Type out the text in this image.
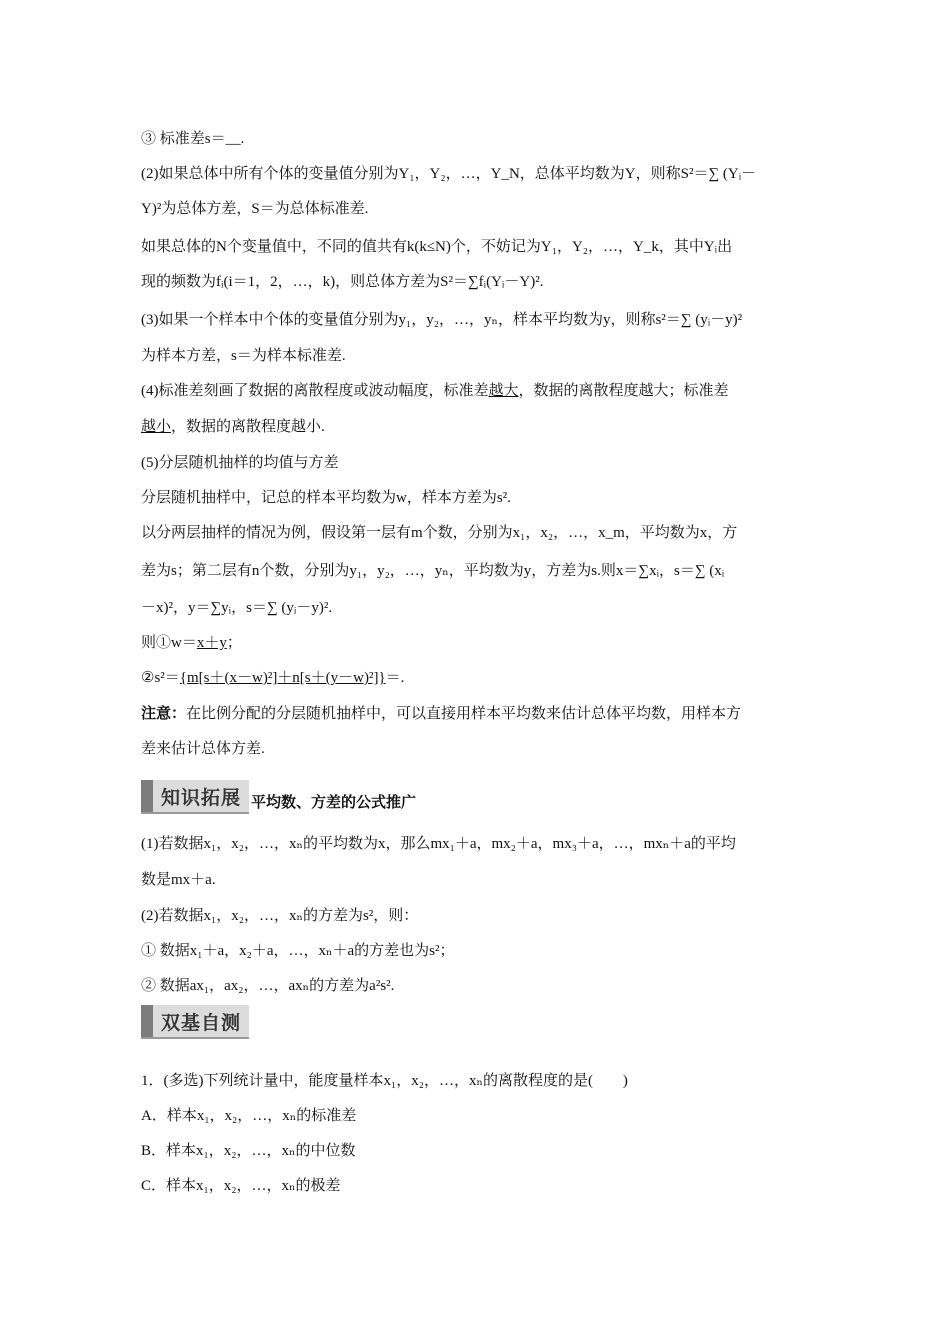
③ 标准差s＝__.
(2)如果总体中所有个体的变量值分别为Y₁，Y₂，…，Y_N，总体平均数为Y，则称S²＝∑ (Yᵢ－
Y)²为总体方差，S＝为总体标准差.
如果总体的N个变量值中，不同的值共有k(k≤N)个，不妨记为Y₁，Y₂，…，Y_k，其中Yᵢ出
现的频数为fᵢ(i＝1，2，…，k)，则总体方差为S²＝∑fᵢ(Yᵢ－Y)².
(3)如果一个样本中个体的变量值分别为y₁，y₂，…，yₙ，样本平均数为y，则称s²＝∑ (yᵢ－y)²
为样本方差，s＝为样本标准差.
(4)标准差刻画了数据的离散程度或波动幅度，标准差越大，数据的离散程度越大；标准差
越小，数据的离散程度越小.
(5)分层随机抽样的均值与方差
分层随机抽样中，记总的样本平均数为w，样本方差为s².
以分两层抽样的情况为例，假设第一层有m个数，分别为x₁，x₂，…，x_m，平均数为x，方
差为s；第二层有n个数，分别为y₁，y₂，…，yₙ，平均数为y，方差为s.则x＝∑xᵢ，s＝∑ (xᵢ
－x)²，y＝∑yᵢ，s＝∑ (yᵢ－y)².
则①w＝x＋y；
②s²＝{m[s＋(x－w)²]＋n[s＋(y－w)²]}＝.
注意：在比例分配的分层随机抽样中，可以直接用样本平均数来估计总体平均数，用样本方
差来估计总体方差.
知识拓展 平均数、方差的公式推广
(1)若数据x₁，x₂，…，xₙ的平均数为x，那么mx₁＋a，mx₂＋a，mx₃＋a，…，mxₙ＋a的平均
数是mx＋a.
(2)若数据x₁，x₂，…，xₙ的方差为s²，则：
① 数据x₁＋a，x₂＋a，…，xₙ＋a的方差也为s²；
② 数据ax₁，ax₂，…，axₙ的方差为a²s².
双基自测
1．(多选)下列统计量中，能度量样本x₁，x₂，…，xₙ的离散程度的是(　　)
A．样本x₁，x₂，…，xₙ的标准差
B．样本x₁，x₂，…，xₙ的中位数
C．样本x₁，x₂，…，xₙ的极差
